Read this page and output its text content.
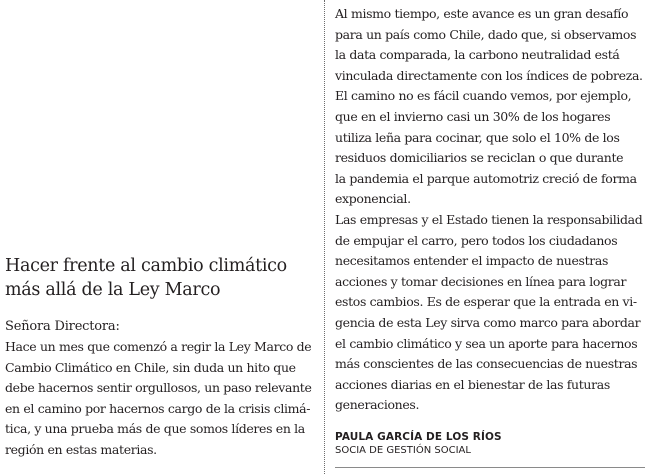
Hacer frente al cambio climático
más allá de la Ley Marco
Señora Directora:

Hace un mes que comenzó a regir la Ley Marco de
Cambio Climático en Chile, sin duda un hito que
debe hacernos sentir orgullosos, un paso relevante
en el camino por hacernos cargo de la crisis climá-
tica, y una prueba más de que somos líderes en la
región en estas materias.

Al mismo tiempo, este avance es un gran desafío
para un país como Chile, dado que, si observamos
la data comparada, la carbono neutralidad está
vinculada directamente con los índices de pobreza.
El camino no es fácil cuando vemos, por ejemplo,
que en el invierno casi un 30% de los hogares
utiliza leña para cocinar, que solo el 10% de los
residuos domiciliarios se reciclan o que durante
la pandemia el parque automotriz creció de forma
exponencial.
Las empresas y el Estado tienen la responsabilidad
de empujar el carro, pero todos los ciudadanos
necesitamos entender el impacto de nuestras
acciones y tomar decisiones en línea para lograr
estos cambios. Es de esperar que la entrada en vi-
gencia de esta Ley sirva como marco para abordar
el cambio climático y sea un aporte para hacernos
más conscientes de las consecuencias de nuestras
acciones diarias en el bienestar de las futuras
generaciones.

PAULA GARCÍA DE LOS RÍOS
SOCIA DE GESTIÓN SOCIAL
